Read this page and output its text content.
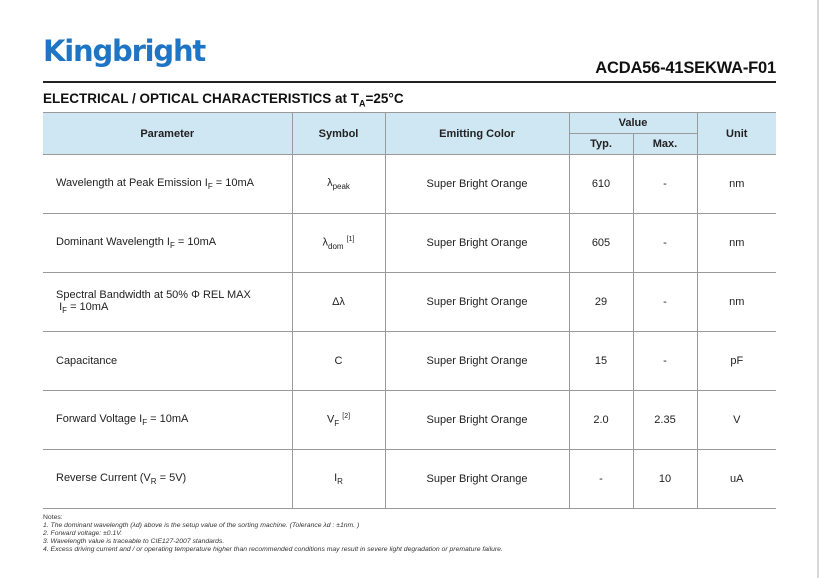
Kingbright	ACDA56-41SEKWA-F01
ELECTRICAL / OPTICAL CHARACTERISTICS at $T_A=25^\circ C$
Parameter	Symbol	Emitting Color	Value		Unit
			Typ.	Max.	
Wavelength at Peak Emission $I_F = 10mA$	$\lambda_{peak}$	Super Bright Orange	610	-	nm
Dominant Wavelength $I_F = 10mA$	$\lambda_{dom}$ [1]	Super Bright Orange	605	-	nm
Spectral Bandwidth at 50% Φ REL MAX
$I_F = 10mA$	Δλ	Super Bright Orange	29	-	nm
Capacitance	C	Super Bright Orange	15	-	pF
Forward Voltage $I_F = 10mA$	$V_F$ [2]	Super Bright Orange	2.0	2.35	V
Reverse Current $(V_R = 5V)$	$I_R$	Super Bright Orange	-	10	uA
Notes:
1. The dominant wavelength (λd) above is the setup value of the sorting machine. (Tolerance λd : ±1nm. )
2. Forward voltage: ±0.1V.
3. Wavelength value is traceable to CIE127-2007 standards.
4. Excess driving current and / or operating temperature higher than recommended conditions may result in severe light degradation or premature failure.
